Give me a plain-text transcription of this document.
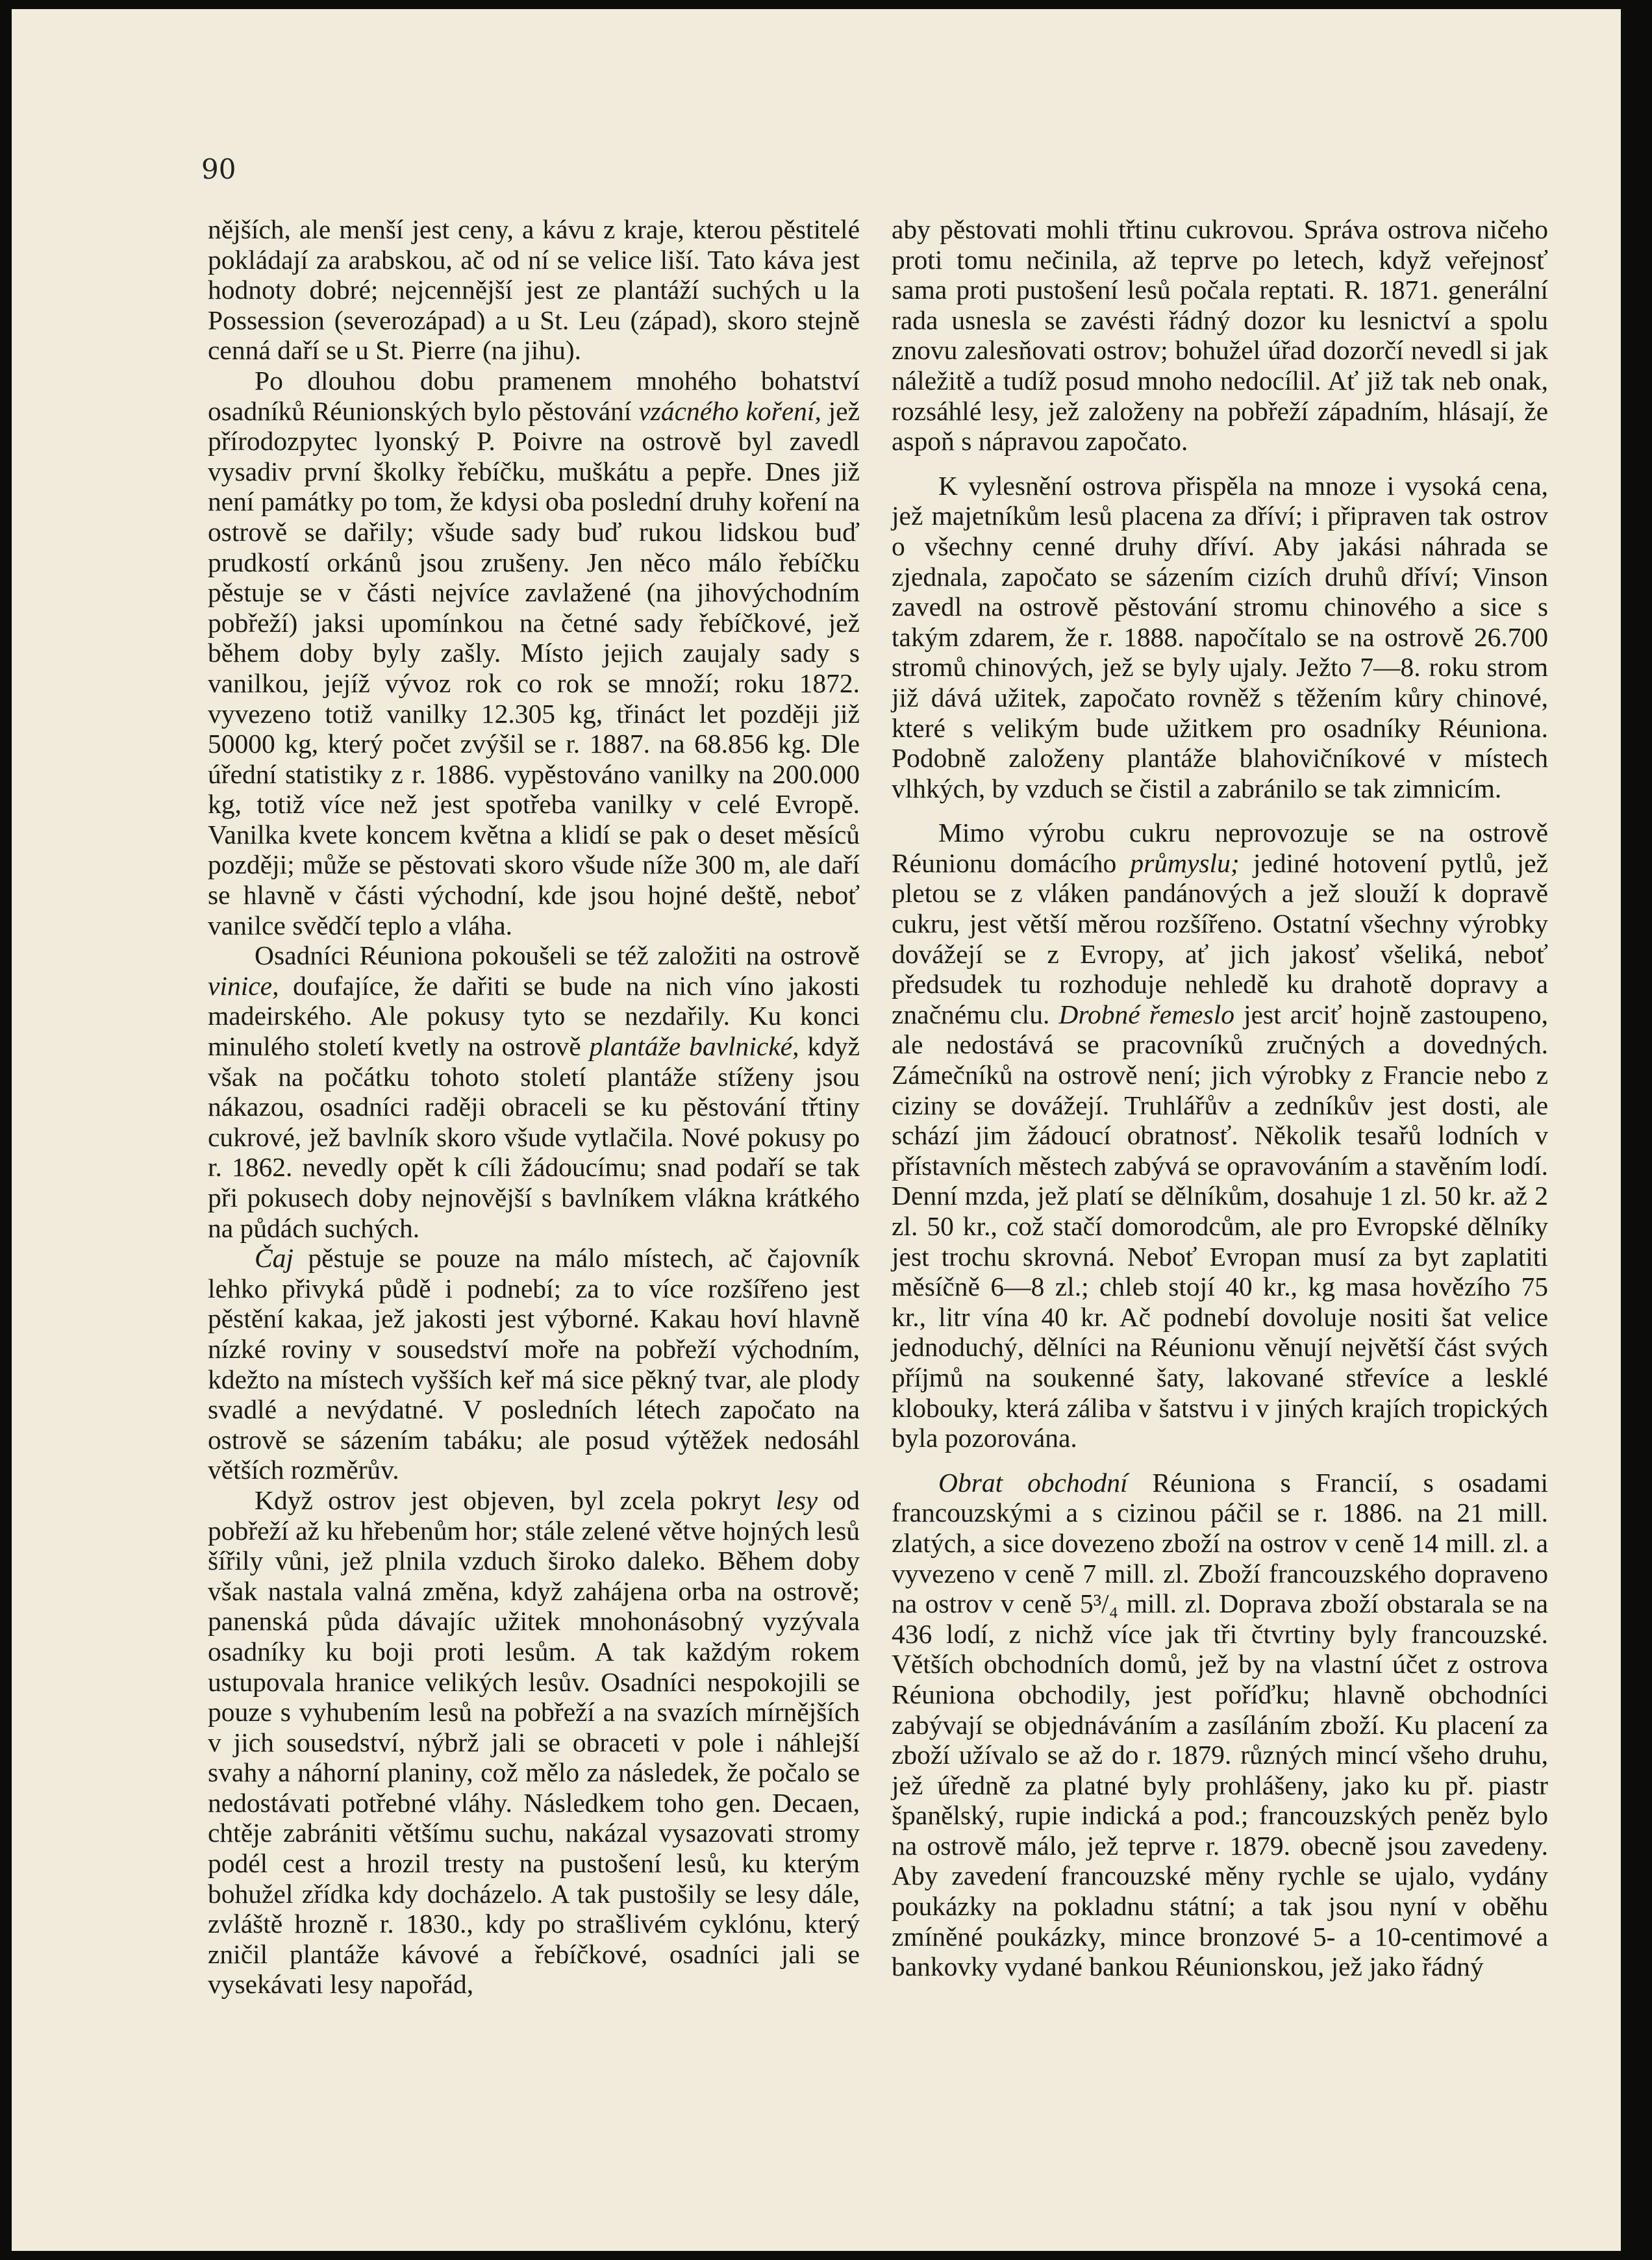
90

nějších, ale menší jest ceny, a kávu z kraje, kterou pěstitelé pokládají za arabskou, ač od ní se velice liší. Tato káva jest hodnoty dobré; nejcennější jest ze plantáží suchých u la Possession (severozápad) a u St. Leu (západ), skoro stejně cenná daří se u St. Pierre (na jihu).

Po dlouhou dobu pramenem mnohého bohatství osadníků Réunionských bylo pěstování vzácného koření, jež přírodozpytec lyonský P. Poivre na ostrově byl zavedl vysadiv první školky řebíčku, muškátu a pepře. Dnes již není památky po tom, že kdysi oba poslední druhy koření na ostrově se dařily; všude sady buď rukou lidskou buď prudkostí orkánů jsou zrušeny. Jen něco málo řebíčku pěstuje se v části nejvíce zavlažené (na jihovýchodním pobřeží) jaksi upomínkou na četné sady řebíčkové, jež během doby byly zašly. Místo jejich zaujaly sady s vanilkou, jejíž vývoz rok co rok se množí; roku 1872. vyvezeno totiž vanilky 12.305 kg, třináct let později již 50000 kg, který počet zvýšil se r. 1887. na 68.856 kg. Dle úřední statistiky z r. 1886. vypěstováno vanilky na 200.000 kg, totiž více než jest spotřeba vanilky v celé Evropě. Vanilka kvete koncem května a klidí se pak o deset měsíců později; může se pěstovati skoro všude níže 300 m, ale daří se hlavně v části východní, kde jsou hojné deště, neboť vanilce svědčí teplo a vláha.

Osadníci Réuniona pokoušeli se též založiti na ostrově vinice, doufajíce, že dařiti se bude na nich víno jakosti madeirského. Ale pokusy tyto se nezdařily. Ku konci minulého století kvetly na ostrově plantáže bavlnické, když však na počátku tohoto století plantáže stíženy jsou nákazou, osadníci raději obraceli se ku pěstování třtiny cukrové, jež bavlník skoro všude vytlačila. Nové pokusy po r. 1862. nevedly opět k cíli žádoucímu; snad podaří se tak při pokusech doby nejnovější s bavlníkem vlákna krátkého na půdách suchých.

Čaj pěstuje se pouze na málo místech, ač čajovník lehko přivyká půdě i podnebí; za to více rozšířeno jest pěstění kakaa, jež jakosti jest výborné. Kakau hoví hlavně nízké roviny v sousedství moře na pobřeží východním, kdežto na místech vyšších keř má sice pěkný tvar, ale plody svadlé a nevýdatné. V posledních létech započato na ostrově se sázením tabáku; ale posud výtěžek nedosáhl větších rozměrův.

Když ostrov jest objeven, byl zcela pokryt lesy od pobřeží až ku hřebenům hor; stále zelené větve hojných lesů šířily vůni, jež plnila vzduch široko daleko. Během doby však nastala valná změna, když zahájena orba na ostrově; panenská půda dávajíc užitek mnohonásobný vyzývala osadníky ku boji proti lesům. A tak každým rokem ustupovala hranice velikých lesův. Osadníci nespokojili se pouze s vyhubením lesů na pobřeží a na svazích mírnějších v jich sousedství, nýbrž jali se obraceti v pole i náhlejší svahy a náhorní planiny, což mělo za následek, že počalo se nedostávati potřebné vláhy. Následkem toho gen. Decaen, chtěje zabrániti většímu suchu, nakázal vysazovati stromy podél cest a hrozil tresty na pustošení lesů, ku kterým bohužel zřídka kdy docházelo. A tak pustošily se lesy dále, zvláště hrozně r. 1830., kdy po strašlivém cyklónu, který zničil plantáže kávové a řebíčkové, osadníci jali se vysekávati lesy napořád,

aby pěstovati mohli třtinu cukrovou. Správa ostrova ničeho proti tomu nečinila, až teprve po letech, když veřejnosť sama proti pustošení lesů počala reptati. R. 1871. generální rada usnesla se zavésti řádný dozor ku lesnictví a spolu znovu zalesňovati ostrov; bohužel úřad dozorčí nevedl si jak náležitě a tudíž posud mnoho nedocílil. Ať již tak neb onak, rozsáhlé lesy, jež založeny na pobřeží západním, hlásají, že aspoň s nápravou započato.

K vylesnění ostrova přispěla na mnoze i vysoká cena, jež majetníkům lesů placena za dříví; i připraven tak ostrov o všechny cenné druhy dříví. Aby jakási náhrada se zjednala, započato se sázením cizích druhů dříví; Vinson zavedl na ostrově pěstování stromu chinového a sice s takým zdarem, že r. 1888. napočítalo se na ostrově 26.700 stromů chinových, jež se byly ujaly. Ježto 7—8. roku strom již dává užitek, započato rovněž s těžením kůry chinové, které s velikým bude užitkem pro osadníky Réuniona. Podobně založeny plantáže blahovičníkové v místech vlhkých, by vzduch se čistil a zabránilo se tak zimnicím.

Mimo výrobu cukru neprovozuje se na ostrově Réunionu domácího průmyslu; jediné hotovení pytlů, jež pletou se z vláken pandánových a jež slouží k dopravě cukru, jest větší měrou rozšířeno. Ostatní všechny výrobky dovážejí se z Evropy, ať jich jakosť všeliká, neboť předsudek tu rozhoduje nehledě ku drahotě dopravy a značnému clu. Drobné řemeslo jest arciť hojně zastoupeno, ale nedostává se pracovníků zručných a dovedných. Zámečníků na ostrově není; jich výrobky z Francie nebo z ciziny se dovážejí. Truhlářův a zedníkův jest dosti, ale schází jim žádoucí obratnosť. Několik tesařů lodních v přístavních městech zabývá se opravováním a stavěním lodí. Denní mzda, jež platí se dělníkům, dosahuje 1 zl. 50 kr. až 2 zl. 50 kr., což stačí domorodcům, ale pro Evropské dělníky jest trochu skrovná. Neboť Evropan musí za byt zaplatiti měsíčně 6—8 zl.; chleb stojí 40 kr., kg masa hovězího 75 kr., litr vína 40 kr. Ač podnebí dovoluje nositi šat velice jednoduchý, dělníci na Réunionu věnují největší část svých příjmů na soukenné šaty, lakované střevíce a lesklé klobouky, která záliba v šatstvu i v jiných krajích tropických byla pozorována.

Obrat obchodní Réuniona s Francií, s osadami francouzskými a s cizinou páčil se r. 1886. na 21 mill. zlatých, a sice dovezeno zboží na ostrov v ceně 14 mill. zl. a vyvezeno v ceně 7 mill. zl. Zboží francouzského dopraveno na ostrov v ceně 5³/₄ mill. zl. Doprava zboží obstarala se na 436 lodí, z nichž více jak tři čtvrtiny byly francouzské. Větších obchodních domů, jež by na vlastní účet z ostrova Réuniona obchodily, jest poříďku; hlavně obchodníci zabývají se objednáváním a zasíláním zboží. Ku placení za zboží užívalo se až do r. 1879. různých mincí všeho druhu, jež úředně za platné byly prohlášeny, jako ku př. piastr španělský, rupie indická a pod.; francouzských peněz bylo na ostrově málo, jež teprve r. 1879. obecně jsou zavedeny. Aby zavedení francouzské měny rychle se ujalo, vydány poukázky na pokladnu státní; a tak jsou nyní v oběhu zmíněné poukázky, mince bronzové 5- a 10-centimové a bankovky vydané bankou Réunionskou, jež jako řádný
